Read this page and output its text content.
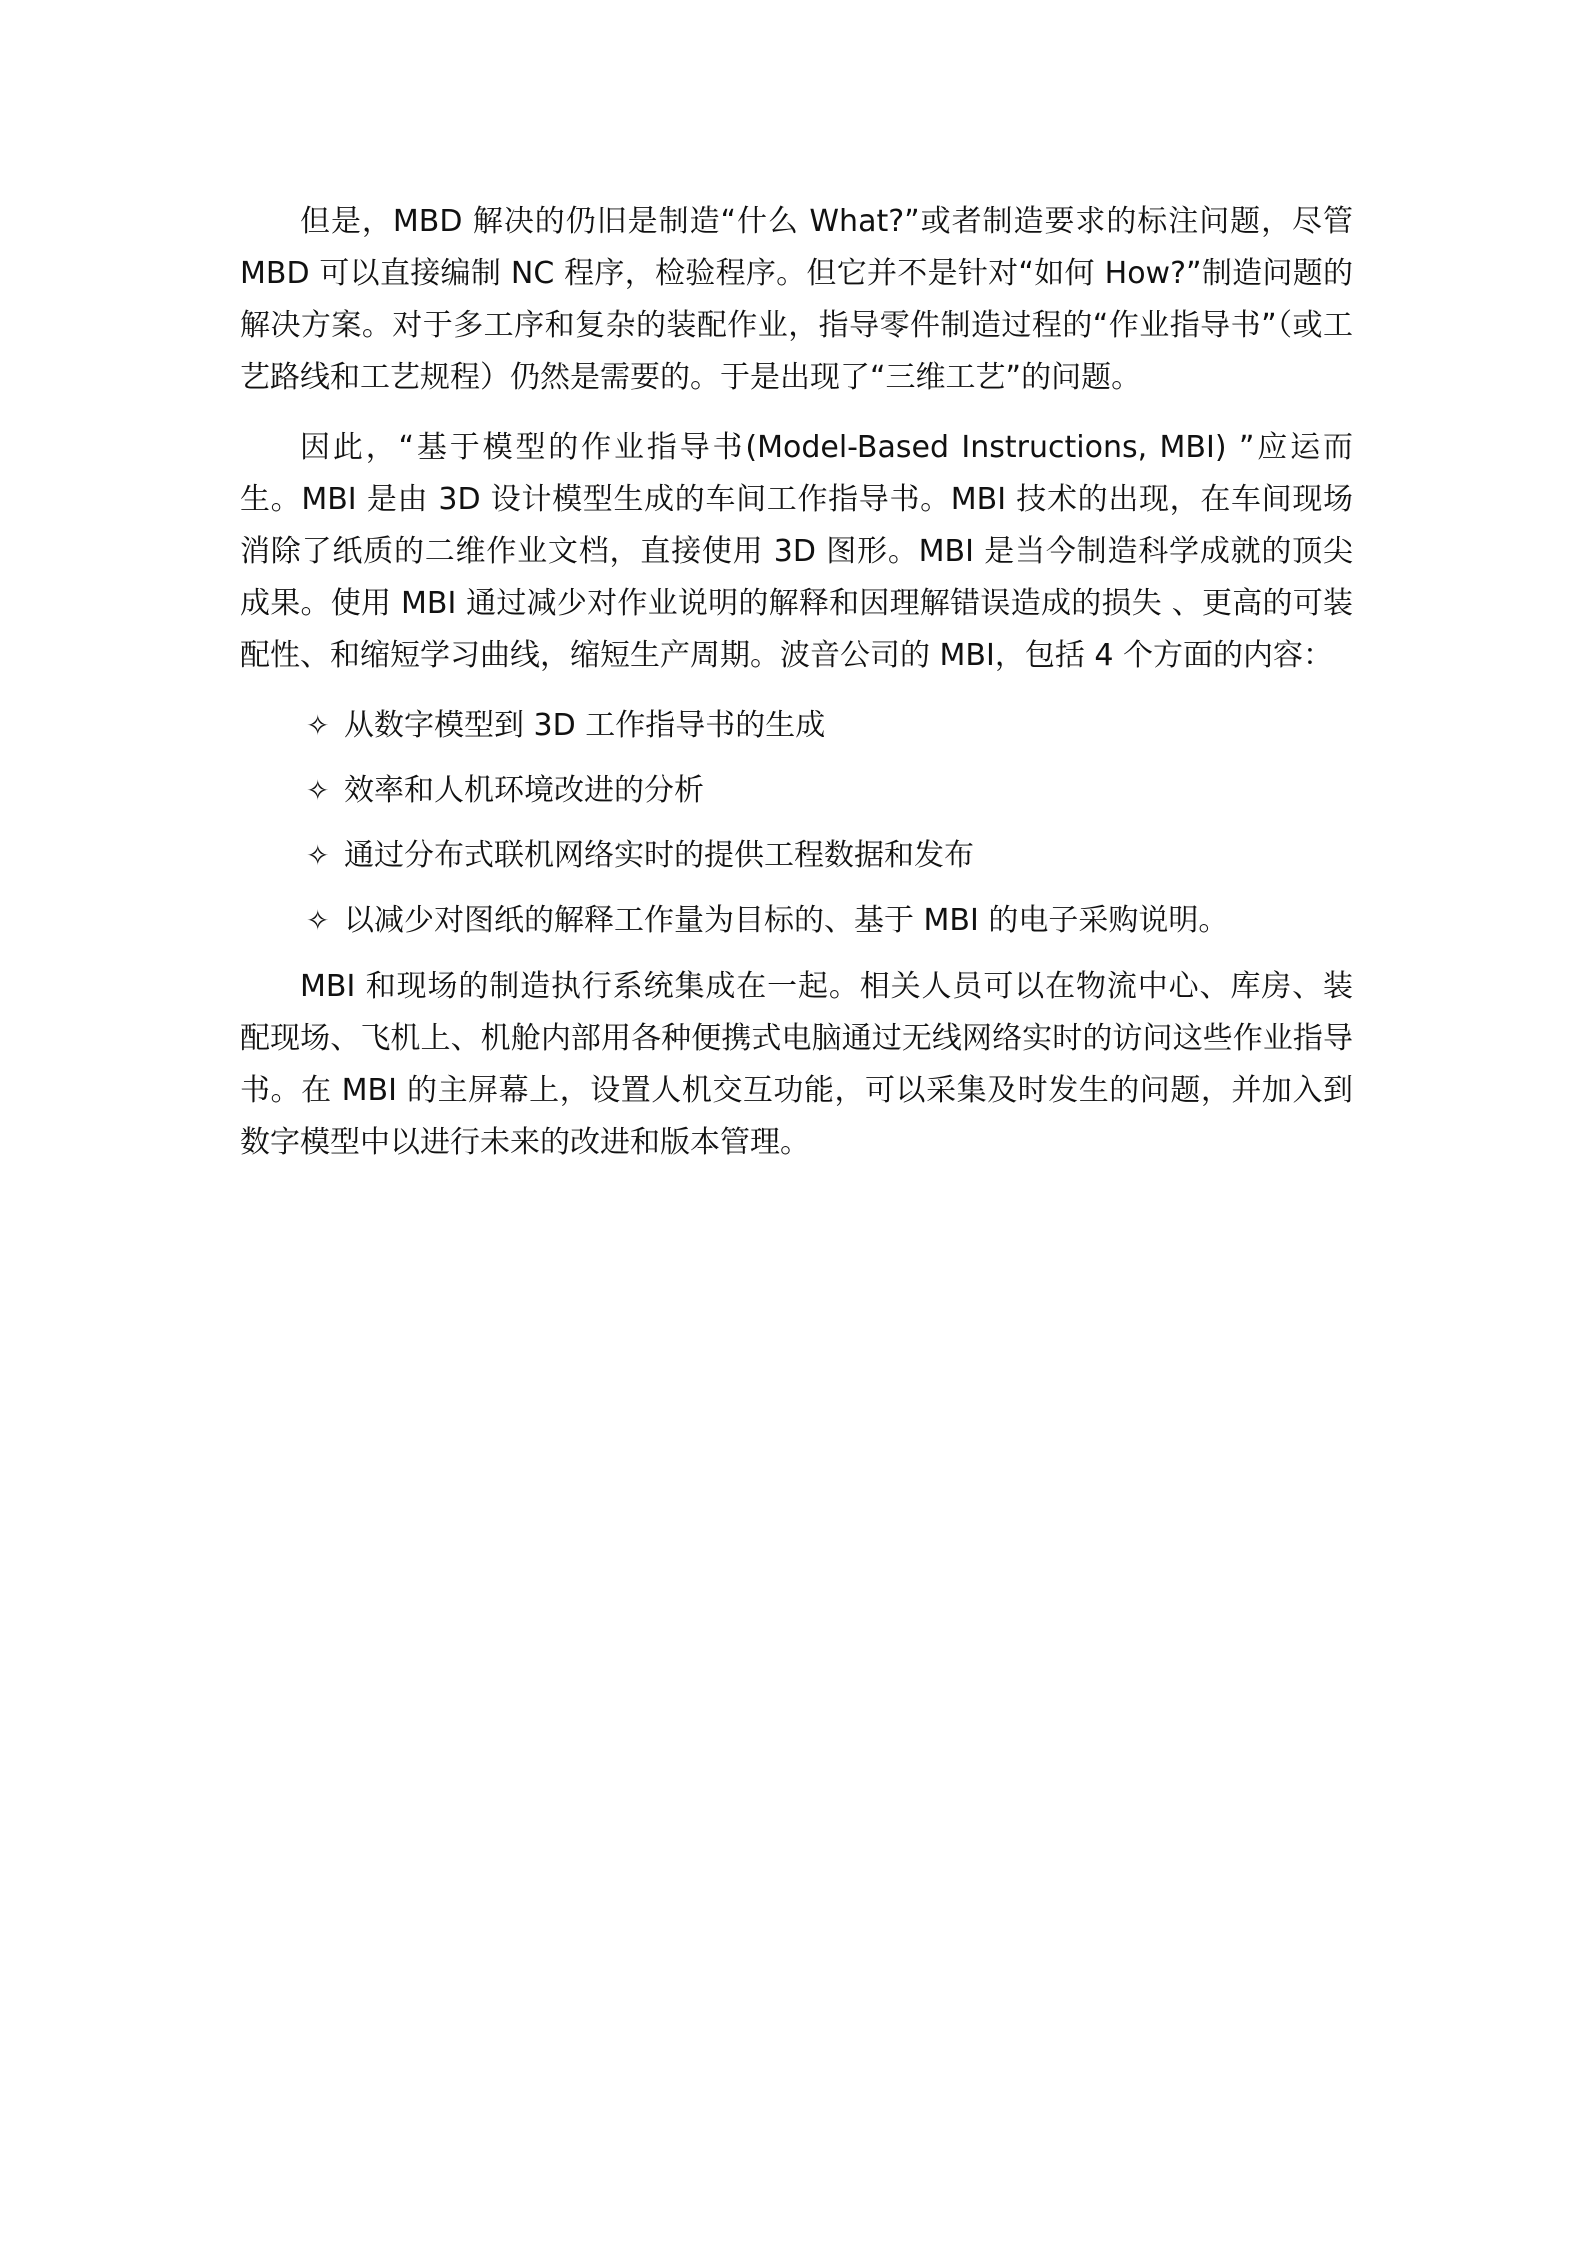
但是，MBD 解决的仍旧是制造“什么 What?”或者制造要求的标注问题，尽管 MBD 可以直接编制 NC 程序，检验程序。但它并不是针对“如何 How?”制造问题的解决方案。对于多工序和复杂的装配作业，指导零件制造过程的“作业指导书”（或工艺路线和工艺规程）仍然是需要的。于是出现了“三维工艺”的问题。

因此，“基于模型的作业指导书(Model-Based Instructions, MBI) ”应运而生。MBI 是由 3D 设计模型生成的车间工作指导书。MBI 技术的出现，在车间现场消除了纸质的二维作业文档，直接使用 3D 图形。MBI 是当今制造科学成就的顶尖成果。使用 MBI 通过减少对作业说明的解释和因理解错误造成的损失 、更高的可装配性、和缩短学习曲线，缩短生产周期。波音公司的 MBI，包括 4 个方面的内容：

✧ 从数字模型到 3D 工作指导书的生成
✧ 效率和人机环境改进的分析
✧ 通过分布式联机网络实时的提供工程数据和发布
✧ 以减少对图纸的解释工作量为目标的、基于 MBI 的电子采购说明。

MBI 和现场的制造执行系统集成在一起。相关人员可以在物流中心、库房、装配现场、飞机上、机舱内部用各种便携式电脑通过无线网络实时的访问这些作业指导书。在 MBI 的主屏幕上，设置人机交互功能，可以采集及时发生的问题，并加入到数字模型中以进行未来的改进和版本管理。
